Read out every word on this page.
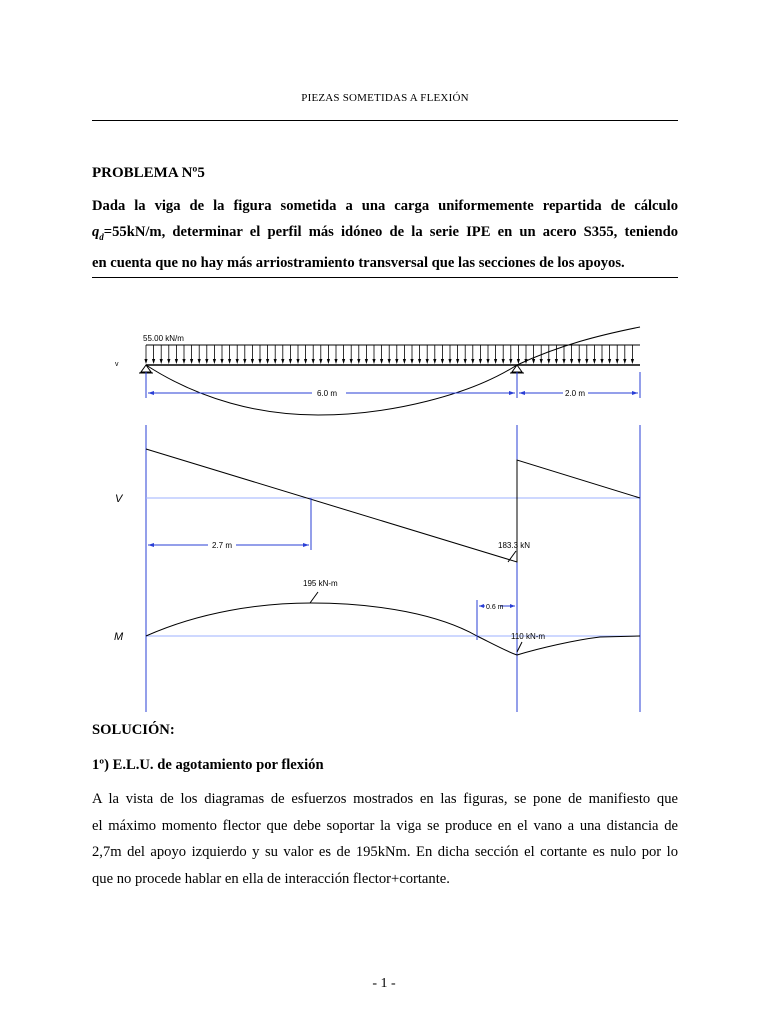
PIEZAS SOMETIDAS A FLEXIÓN
PROBLEMA Nº5
Dada la viga de la figura sometida a una carga uniformemente repartida de cálculo
$q_d=55kN/m$, determinar el perfil más idóneo de la serie IPE en un acero S355, teniendo
en cuenta que no hay más arriostramiento transversal que las secciones de los apoyos.
55.00 kN/m
v
6.0 m	2.0 m
V
2.7 m	183.3 kN
M
195 kN-m
0.6 m
110 kN-m
SOLUCIÓN:
1º) E.L.U. de agotamiento por flexión
A la vista de los diagramas de esfuerzos mostrados en las figuras, se pone de manifiesto que
el máximo momento flector que debe soportar la viga se produce en el vano a una distancia de
2,7m del apoyo izquierdo y su valor es de 195kNm. En dicha sección el cortante es nulo por lo
que no procede hablar en ella de interacción flector+cortante.
- 1 -
